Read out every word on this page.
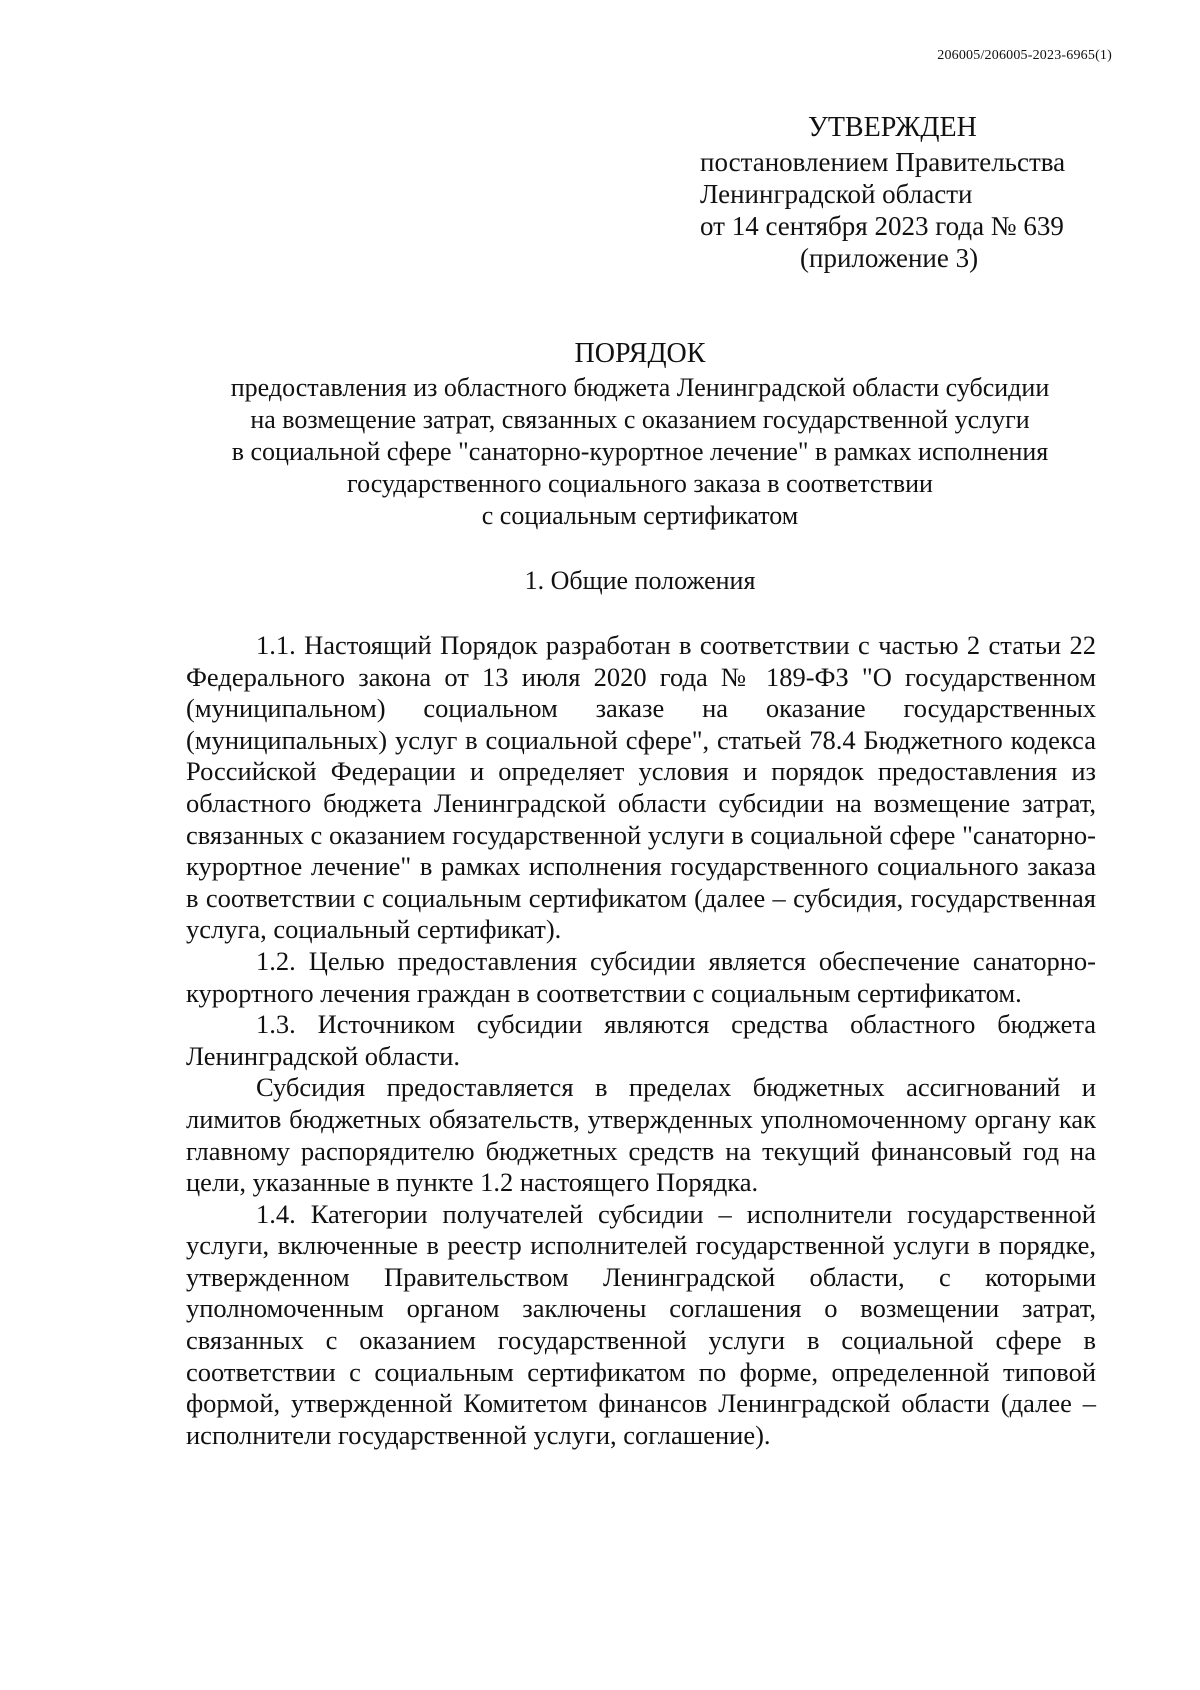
206005/206005-2023-6965(1)
УТВЕРЖДЕН
постановлением Правительства
Ленинградской области
от 14 сентября 2023 года № 639
(приложение 3)
ПОРЯДОК
предоставления из областного бюджета Ленинградской области субсидии
на возмещение затрат, связанных с оказанием государственной услуги
в социальной сфере "санаторно-курортное лечение" в рамках исполнения
государственного социального заказа в соответствии
с социальным сертификатом
1. Общие положения

1.1. Настоящий Порядок разработан в соответствии с частью 2 статьи 22 Федерального закона от 13 июля 2020 года № 189-ФЗ "О государственном (муниципальном) социальном заказе на оказание государственных (муниципальных) услуг в социальной сфере", статьей 78.4 Бюджетного кодекса Российской Федерации и определяет условия и порядок предоставления из областного бюджета Ленинградской области субсидии на возмещение затрат, связанных с оказанием государственной услуги в социальной сфере "санаторно-курортное лечение" в рамках исполнения государственного социального заказа в соответствии с социальным сертификатом (далее – субсидия, государственная услуга, социальный сертификат).

1.2. Целью предоставления субсидии является обеспечение санаторно-курортного лечения граждан в соответствии с социальным сертификатом.

1.3. Источником субсидии являются средства областного бюджета Ленинградской области.

Субсидия предоставляется в пределах бюджетных ассигнований и лимитов бюджетных обязательств, утвержденных уполномоченному органу как главному распорядителю бюджетных средств на текущий финансовый год на цели, указанные в пункте 1.2 настоящего Порядка.

1.4. Категории получателей субсидии – исполнители государственной услуги, включенные в реестр исполнителей государственной услуги в порядке, утвержденном Правительством Ленинградской области, с которыми уполномоченным органом заключены соглашения о возмещении затрат, связанных с оказанием государственной услуги в социальной сфере в соответствии с социальным сертификатом по форме, определенной типовой формой, утвержденной Комитетом финансов Ленинградской области (далее – исполнители государственной услуги, соглашение).
